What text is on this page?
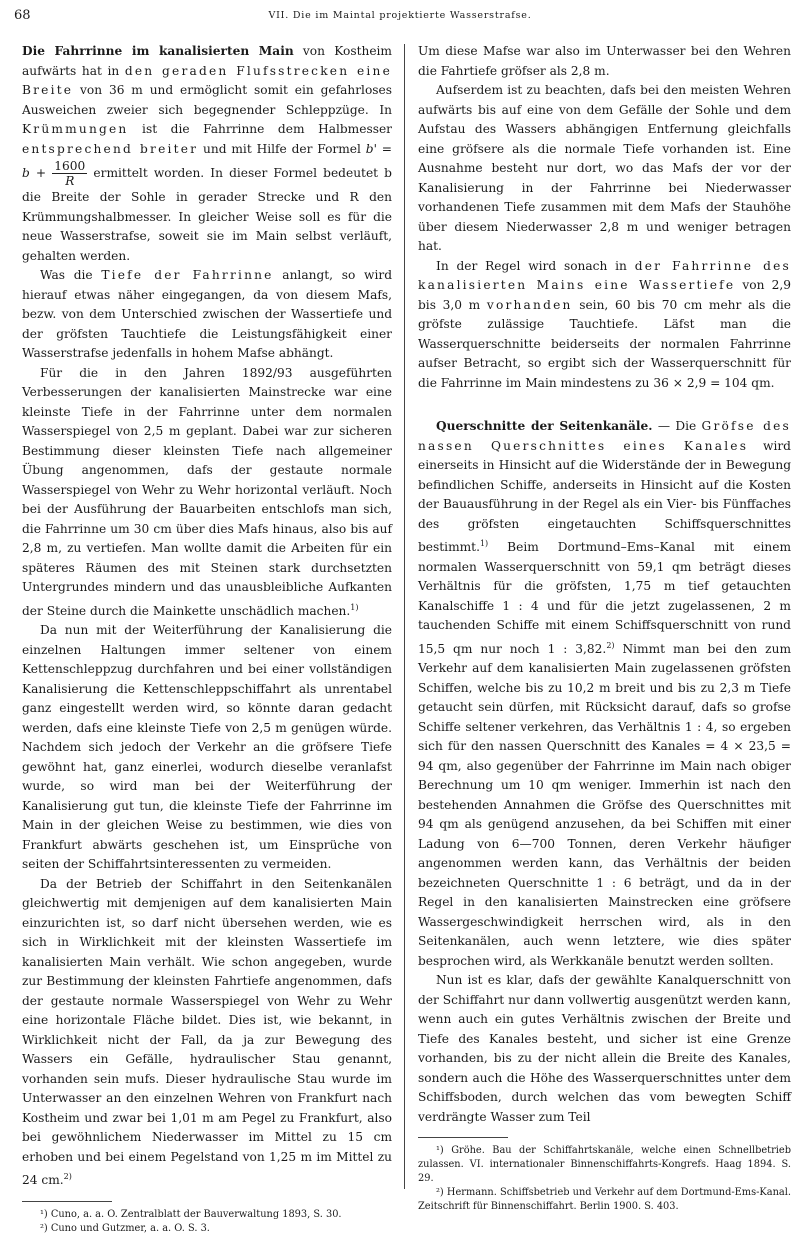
68	VII. Die im Maintal projektierte Wasserstrafse.

Die Fahrrinne im kanalisierten Main von Kostheim aufwärts hat in den geraden Flufsstrecken eine Breite von 36 m und ermöglicht somit ein gefahrloses Ausweichen zweier sich begegnender Schleppzüge. In Krümmungen ist die Fahrrinne dem Halbmesser entsprechend breiter und mit Hilfe der Formel $b' = b + \frac{1600}{R}$ ermittelt worden. In dieser Formel bedeutet b die Breite der Sohle in gerader Strecke und R den Krümmungshalbmesser. In gleicher Weise soll es für die neue Wasserstrafse, soweit sie im Main selbst verläuft, gehalten werden.

Was die Tiefe der Fahrrinne anlangt, so wird hierauf etwas näher eingegangen, da von diesem Mafs, bezw. von dem Unterschied zwischen der Wassertiefe und der gröfsten Tauchtiefe die Leistungsfähigkeit einer Wasserstrafse jedenfalls in hohem Mafse abhängt.

Für die in den Jahren 1892/93 ausgeführten Verbesserungen der kanalisierten Mainstrecke war eine kleinste Tiefe in der Fahrrinne unter dem normalen Wasserspiegel von 2,5 m geplant. Dabei war zur sicheren Bestimmung dieser kleinsten Tiefe nach allgemeiner Übung angenommen, dafs der gestaute normale Wasserspiegel von Wehr zu Wehr horizontal verläuft. Noch bei der Ausführung der Bauarbeiten entschlofs man sich, die Fahrrinne um 30 cm über dies Mafs hinaus, also bis auf 2,8 m, zu vertiefen. Man wollte damit die Arbeiten für ein späteres Räumen des mit Steinen stark durchsetzten Untergrundes mindern und das unausbleibliche Aufkanten der Steine durch die Mainkette unschädlich machen.$^{1)}$

Da nun mit der Weiterführung der Kanalisierung die einzelnen Haltungen immer seltener von einem Kettenschleppzug durchfahren und bei einer vollständigen Kanalisierung die Kettenschleppschiffahrt als unrentabel ganz eingestellt werden wird, so könnte daran gedacht werden, dafs eine kleinste Tiefe von 2,5 m genügen würde. Nachdem sich jedoch der Verkehr an die gröfsere Tiefe gewöhnt hat, ganz einerlei, wodurch dieselbe veranlafst wurde, so wird man bei der Weiterführung der Kanalisierung gut tun, die kleinste Tiefe der Fahrrinne im Main in der gleichen Weise zu bestimmen, wie dies von Frankfurt abwärts geschehen ist, um Einsprüche von seiten der Schiffahrtsinteressenten zu vermeiden.

Da der Betrieb der Schiffahrt in den Seitenkanälen gleichwertig mit demjenigen auf dem kanalisierten Main einzurichten ist, so darf nicht übersehen werden, wie es sich in Wirklichkeit mit der kleinsten Wassertiefe im kanalisierten Main verhält. Wie schon angegeben, wurde zur Bestimmung der kleinsten Fahrtiefe angenommen, dafs der gestaute normale Wasserspiegel von Wehr zu Wehr eine horizontale Fläche bildet. Dies ist, wie bekannt, in Wirklichkeit nicht der Fall, da ja zur Bewegung des Wassers ein Gefälle, hydraulischer Stau genannt, vorhanden sein mufs. Dieser hydraulische Stau wurde im Unterwasser an den einzelnen Wehren von Frankfurt nach Kostheim und zwar bei 1,01 m am Pegel zu Frankfurt, also bei gewöhnlichem Niederwasser im Mittel zu 15 cm erhoben und bei einem Pegelstand von 1,25 m im Mittel zu 24 cm.$^{2)}$

¹) Cuno, a. a. O. Zentralblatt der Bauverwaltung 1893, S. 30.

²) Cuno und Gutzmer, a. a. O. S. 3.

Um diese Mafse war also im Unterwasser bei den Wehren die Fahrtiefe gröfser als 2,8 m.

Aufserdem ist zu beachten, dafs bei den meisten Wehren aufwärts bis auf eine von dem Gefälle der Sohle und dem Aufstau des Wassers abhängigen Entfernung gleichfalls eine gröfsere als die normale Tiefe vorhanden ist. Eine Ausnahme besteht nur dort, wo das Mafs der vor der Kanalisierung in der Fahrrinne bei Niederwasser vorhandenen Tiefe zusammen mit dem Mafs der Stauhöhe über diesem Niederwasser 2,8 m und weniger betragen hat.

In der Regel wird sonach in der Fahrrinne des kanalisierten Mains eine Wassertiefe von 2,9 bis 3,0 m vorhanden sein, 60 bis 70 cm mehr als die gröfste zulässige Tauchtiefe. Läfst man die Wasserquerschnitte beiderseits der normalen Fahrrinne aufser Betracht, so ergibt sich der Wasserquerschnitt für die Fahrrinne im Main mindestens zu 36 × 2,9 = 104 qm.

Querschnitte der Seitenkanäle. — Die Gröfse des nassen Querschnittes eines Kanales wird einerseits in Hinsicht auf die Widerstände der in Bewegung befindlichen Schiffe, anderseits in Hinsicht auf die Kosten der Bauausführung in der Regel als ein Vier- bis Fünffaches des gröfsten eingetauchten Schiffsquerschnittes bestimmt.$^{1)}$ Beim Dortmund–Ems–Kanal mit einem normalen Wasserquerschnitt von 59,1 qm beträgt dieses Verhältnis für die gröfsten, 1,75 m tief getauchten Kanalschiffe 1 : 4 und für die jetzt zugelassenen, 2 m tauchenden Schiffe mit einem Schiffsquerschnitt von rund 15,5 qm nur noch 1 : 3,82.$^{2)}$ Nimmt man bei den zum Verkehr auf dem kanalisierten Main zugelassenen gröfsten Schiffen, welche bis zu 10,2 m breit und bis zu 2,3 m Tiefe getaucht sein dürfen, mit Rücksicht darauf, dafs so grofse Schiffe seltener verkehren, das Verhältnis 1 : 4, so ergeben sich für den nassen Querschnitt des Kanales = 4 × 23,5 = 94 qm, also gegenüber der Fahrrinne im Main nach obiger Berechnung um 10 qm weniger. Immerhin ist nach den bestehenden Annahmen die Gröfse des Querschnittes mit 94 qm als genügend anzusehen, da bei Schiffen mit einer Ladung von 6—700 Tonnen, deren Verkehr häufiger angenommen werden kann, das Verhältnis der beiden bezeichneten Querschnitte 1 : 6 beträgt, und da in der Regel in den kanalisierten Mainstrecken eine gröfsere Wassergeschwindigkeit herrschen wird, als in den Seitenkanälen, auch wenn letztere, wie dies später besprochen wird, als Werkkanäle benutzt werden sollten.

Nun ist es klar, dafs der gewählte Kanalquerschnitt von der Schiffahrt nur dann vollwertig ausgenützt werden kann, wenn auch ein gutes Verhältnis zwischen der Breite und Tiefe des Kanales besteht, und sicher ist eine Grenze vorhanden, bis zu der nicht allein die Breite des Kanales, sondern auch die Höhe des Wasserquerschnittes unter dem Schiffsboden, durch welchen das vom bewegten Schiff verdrängte Wasser zum Teil

¹) Gröhe. Bau der Schiffahrtskanäle, welche einen Schnellbetrieb zulassen. VI. internationaler Binnenschiffahrts-Kongrefs. Haag 1894. S. 29.

²) Hermann. Schiffsbetrieb und Verkehr auf dem Dortmund-Ems-Kanal. Zeitschrift für Binnenschiffahrt. Berlin 1900. S. 403.
